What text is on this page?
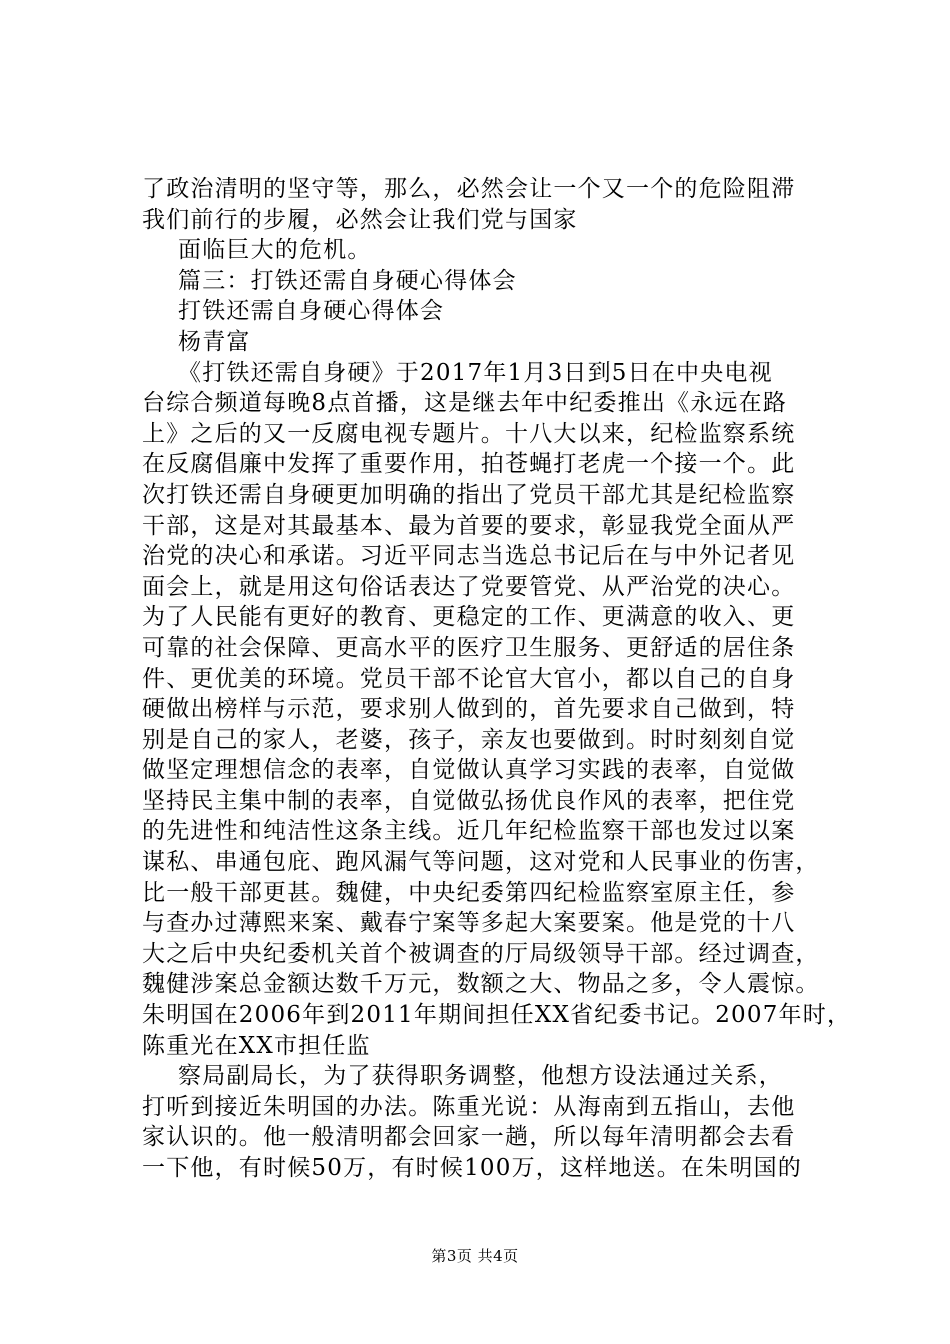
了政治清明的坚守等，那么，必然会让一个又一个的危险阻滞

我们前行的步履，必然会让我们党与国家

面临巨大的危机。

篇三：打铁还需自身硬心得体会

打铁还需自身硬心得体会

杨青富

《打铁还需自身硬》于2017年1月3日到5日在中央电视

台综合频道每晚8点首播，这是继去年中纪委推出《永远在路

上》之后的又一反腐电视专题片。十八大以来，纪检监察系统

在反腐倡廉中发挥了重要作用，拍苍蝇打老虎一个接一个。此

次打铁还需自身硬更加明确的指出了党员干部尤其是纪检监察

干部，这是对其最基本、最为首要的要求，彰显我党全面从严

治党的决心和承诺。习近平同志当选总书记后在与中外记者见

面会上，就是用这句俗话表达了党要管党、从严治党的决心。

为了人民能有更好的教育、更稳定的工作、更满意的收入、更

可靠的社会保障、更高水平的医疗卫生服务、更舒适的居住条

件、更优美的环境。党员干部不论官大官小，都以自己的自身

硬做出榜样与示范，要求别人做到的，首先要求自己做到，特

别是自己的家人，老婆，孩子，亲友也要做到。时时刻刻自觉

做坚定理想信念的表率，自觉做认真学习实践的表率，自觉做

坚持民主集中制的表率，自觉做弘扬优良作风的表率，把住党

的先进性和纯洁性这条主线。近几年纪检监察干部也发过以案

谋私、串通包庇、跑风漏气等问题，这对党和人民事业的伤害，

比一般干部更甚。魏健，中央纪委第四纪检监察室原主任，参

与查办过薄熙来案、戴春宁案等多起大案要案。他是党的十八

大之后中央纪委机关首个被调查的厅局级领导干部。经过调查，

魏健涉案总金额达数千万元，数额之大、物品之多，令人震惊。

朱明国在2006年到2011年期间担任XX省纪委书记。2007年时，

陈重光在XX市担任监

察局副局长，为了获得职务调整，他想方设法通过关系，

打听到接近朱明国的办法。陈重光说：从海南到五指山，去他

家认识的。他一般清明都会回家一趟，所以每年清明都会去看

一下他，有时候50万，有时候100万，这样地送。在朱明国的

第3页 共4页
